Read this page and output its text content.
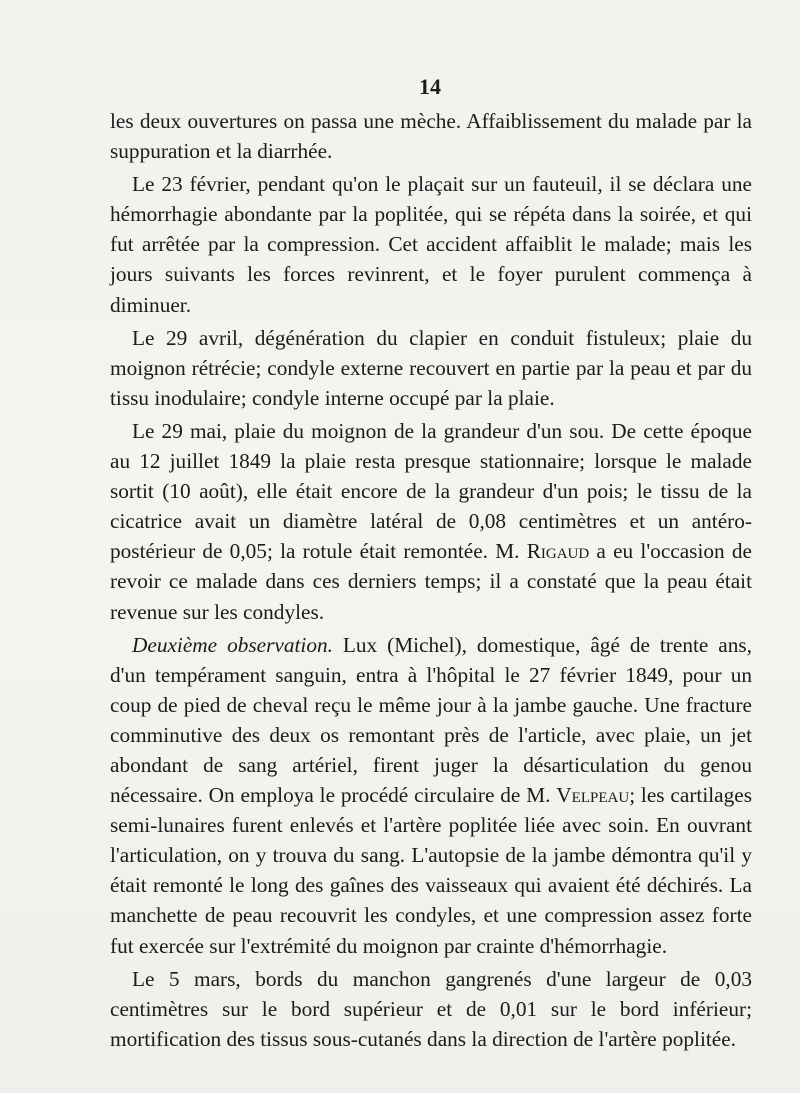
14

les deux ouvertures on passa une mèche. Affaiblissement du malade par la suppuration et la diarrhée.

Le 23 février, pendant qu'on le plaçait sur un fauteuil, il se déclara une hémorrhagie abondante par la poplitée, qui se répéta dans la soirée, et qui fut arrêtée par la compression. Cet accident affaiblit le malade; mais les jours suivants les forces revinrent, et le foyer purulent commença à diminuer.

Le 29 avril, dégénération du clapier en conduit fistuleux; plaie du moignon rétrécie; condyle externe recouvert en partie par la peau et par du tissu inodulaire; condyle interne occupé par la plaie.

Le 29 mai, plaie du moignon de la grandeur d'un sou. De cette époque au 12 juillet 1849 la plaie resta presque stationnaire; lorsque le malade sortit (10 août), elle était encore de la grandeur d'un pois; le tissu de la cicatrice avait un diamètre latéral de 0,08 centimètres et un antéro-postérieur de 0,05; la rotule était remontée. M. Rigaud a eu l'occasion de revoir ce malade dans ces derniers temps; il a constaté que la peau était revenue sur les condyles.

Deuxième observation. Lux (Michel), domestique, âgé de trente ans, d'un tempérament sanguin, entra à l'hôpital le 27 février 1849, pour un coup de pied de cheval reçu le même jour à la jambe gauche. Une fracture comminutive des deux os remontant près de l'article, avec plaie, un jet abondant de sang artériel, firent juger la désarticulation du genou nécessaire. On employa le procédé circulaire de M. Velpeau; les cartilages semi-lunaires furent enlevés et l'artère poplitée liée avec soin. En ouvrant l'articulation, on y trouva du sang. L'autopsie de la jambe démontra qu'il y était remonté le long des gaînes des vaisseaux qui avaient été déchirés. La manchette de peau recouvrit les condyles, et une compression assez forte fut exercée sur l'extrémité du moignon par crainte d'hémorrhagie.

Le 5 mars, bords du manchon gangrenés d'une largeur de 0,03 centimètres sur le bord supérieur et de 0,01 sur le bord inférieur; mortification des tissus sous-cutanés dans la direction de l'artère poplitée.
